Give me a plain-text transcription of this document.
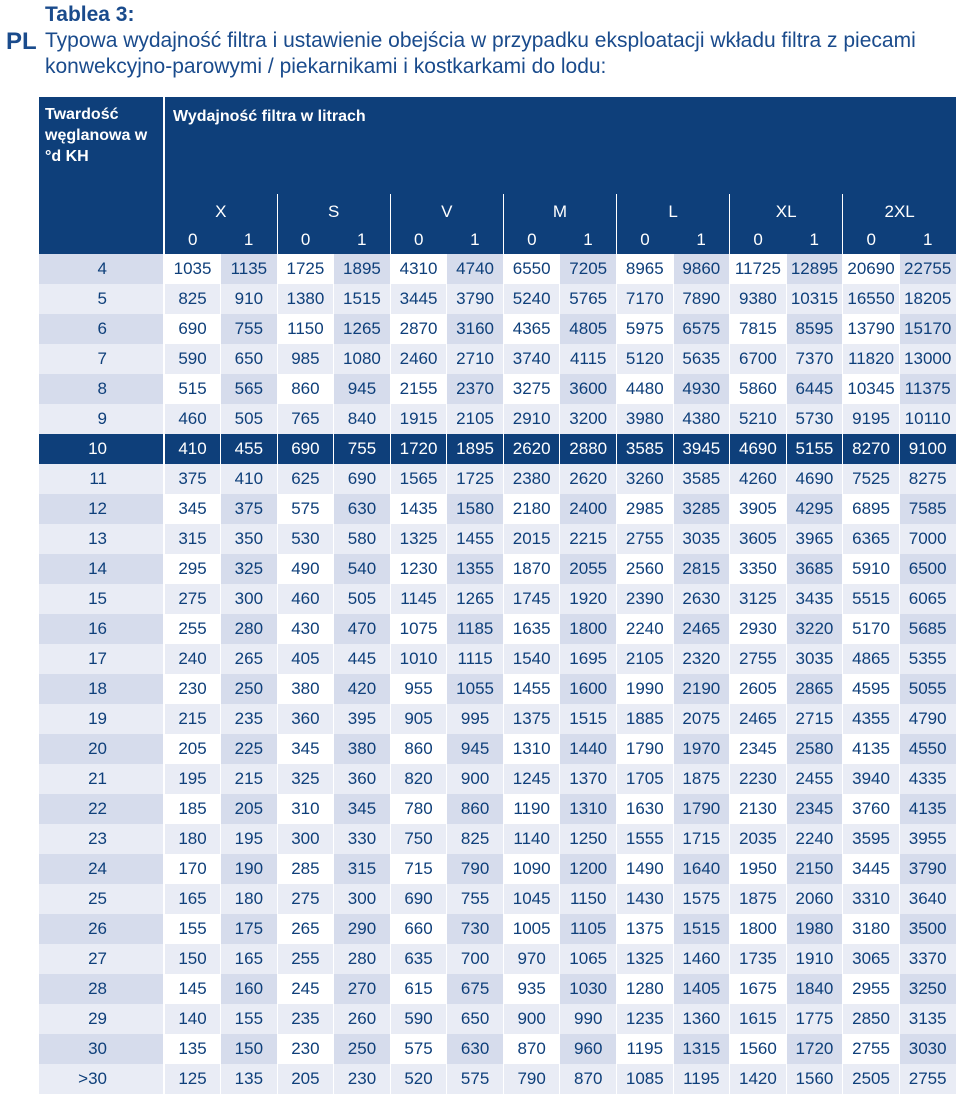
PL
Tablea 3:
Typowa wydajność filtra i ustawienie obejścia w przypadku eksploatacji wkładu filtra z piecami konwekcyjno-parowymi / piekarnikami i kostkarkami do lodu:
Twardość węglanowa w °d KH	Wydajność filtra w litrach													
	X		S		V		M		L		XL		2XL	
	0	1	0	1	0	1	0	1	0	1	0	1	0	1
4	1035	1135	1725	1895	4310	4740	6550	7205	8965	9860	11725	12895	20690	22755
5	825	910	1380	1515	3445	3790	5240	5765	7170	7890	9380	10315	16550	18205
6	690	755	1150	1265	2870	3160	4365	4805	5975	6575	7815	8595	13790	15170
7	590	650	985	1080	2460	2710	3740	4115	5120	5635	6700	7370	11820	13000
8	515	565	860	945	2155	2370	3275	3600	4480	4930	5860	6445	10345	11375
9	460	505	765	840	1915	2105	2910	3200	3980	4380	5210	5730	9195	10110
10	410	455	690	755	1720	1895	2620	2880	3585	3945	4690	5155	8270	9100
11	375	410	625	690	1565	1725	2380	2620	3260	3585	4260	4690	7525	8275
12	345	375	575	630	1435	1580	2180	2400	2985	3285	3905	4295	6895	7585
13	315	350	530	580	1325	1455	2015	2215	2755	3035	3605	3965	6365	7000
14	295	325	490	540	1230	1355	1870	2055	2560	2815	3350	3685	5910	6500
15	275	300	460	505	1145	1265	1745	1920	2390	2630	3125	3435	5515	6065
16	255	280	430	470	1075	1185	1635	1800	2240	2465	2930	3220	5170	5685
17	240	265	405	445	1010	1115	1540	1695	2105	2320	2755	3035	4865	5355
18	230	250	380	420	955	1055	1455	1600	1990	2190	2605	2865	4595	5055
19	215	235	360	395	905	995	1375	1515	1885	2075	2465	2715	4355	4790
20	205	225	345	380	860	945	1310	1440	1790	1970	2345	2580	4135	4550
21	195	215	325	360	820	900	1245	1370	1705	1875	2230	2455	3940	4335
22	185	205	310	345	780	860	1190	1310	1630	1790	2130	2345	3760	4135
23	180	195	300	330	750	825	1140	1250	1555	1715	2035	2240	3595	3955
24	170	190	285	315	715	790	1090	1200	1490	1640	1950	2150	3445	3790
25	165	180	275	300	690	755	1045	1150	1430	1575	1875	2060	3310	3640
26	155	175	265	290	660	730	1005	1105	1375	1515	1800	1980	3180	3500
27	150	165	255	280	635	700	970	1065	1325	1460	1735	1910	3065	3370
28	145	160	245	270	615	675	935	1030	1280	1405	1675	1840	2955	3250
29	140	155	235	260	590	650	900	990	1235	1360	1615	1775	2850	3135
30	135	150	230	250	575	630	870	960	1195	1315	1560	1720	2755	3030
>30	125	135	205	230	520	575	790	870	1085	1195	1420	1560	2505	2755
